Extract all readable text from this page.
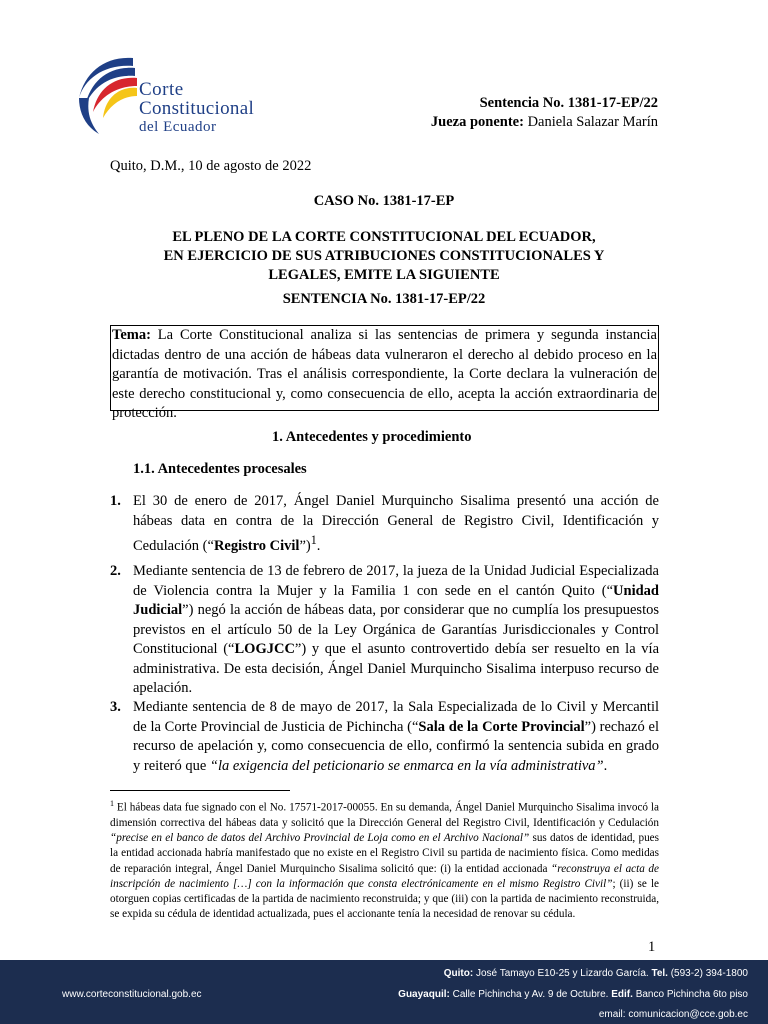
Corte
Constitucional
del Ecuador
Sentencia No. 1381-17-EP/22
Jueza ponente: Daniela Salazar Marín
Quito, D.M., 10 de agosto de 2022
CASO No. 1381-17-EP
EL PLENO DE LA CORTE CONSTITUCIONAL DEL ECUADOR,
EN EJERCICIO DE SUS ATRIBUCIONES CONSTITUCIONALES Y
LEGALES, EMITE LA SIGUIENTE
SENTENCIA No. 1381-17-EP/22
Tema: La Corte Constitucional analiza si las sentencias de primera y segunda instancia dictadas dentro de una acción de hábeas data vulneraron el derecho al debido proceso en la garantía de motivación. Tras el análisis correspondiente, la Corte declara la vulneración de este derecho constitucional y, como consecuencia de ello, acepta la acción extraordinaria de protección.
1. Antecedentes y procedimiento
1.1. Antecedentes procesales
1. El 30 de enero de 2017, Ángel Daniel Murquincho Sisalima presentó una acción de hábeas data en contra de la Dirección General de Registro Civil, Identificación y Cedulación (“Registro Civil”)$^1$.
2. Mediante sentencia de 13 de febrero de 2017, la jueza de la Unidad Judicial Especializada de Violencia contra la Mujer y la Familia 1 con sede en el cantón Quito (“Unidad Judicial”) negó la acción de hábeas data, por considerar que no cumplía los presupuestos previstos en el artículo 50 de la Ley Orgánica de Garantías Jurisdiccionales y Control Constitucional (“LOGJCC”) y que el asunto controvertido debía ser resuelto en la vía administrativa. De esta decisión, Ángel Daniel Murquincho Sisalima interpuso recurso de apelación.
3. Mediante sentencia de 8 de mayo de 2017, la Sala Especializada de lo Civil y Mercantil de la Corte Provincial de Justicia de Pichincha (“Sala de la Corte Provincial”) rechazó el recurso de apelación y, como consecuencia de ello, confirmó la sentencia subida en grado y reiteró que “la exigencia del peticionario se enmarca en la vía administrativa”.
$^1$ El hábeas data fue signado con el No. 17571-2017-00055. En su demanda, Ángel Daniel Murquincho Sisalima invocó la dimensión correctiva del hábeas data y solicitó que la Dirección General del Registro Civil, Identificación y Cedulación “precise en el banco de datos del Archivo Provincial de Loja como en el Archivo Nacional” sus datos de identidad, pues la entidad accionada habría manifestado que no existe en el Registro Civil su partida de nacimiento física. Como medidas de reparación integral, Ángel Daniel Murquincho Sisalima solicitó que: (i) la entidad accionada “reconstruya el acta de inscripción de nacimiento […] con la información que consta electrónicamente en el mismo Registro Civil”; (ii) se le otorguen copias certificadas de la partida de nacimiento reconstruida; y que (iii) con la partida de nacimiento reconstruida, se expida su cédula de identidad actualizada, pues el accionante tenía la necesidad de renovar su cédula.
1
www.corteconstitucional.gob.ec
Quito: José Tamayo E10-25 y Lizardo García. Tel. (593-2) 394-1800
Guayaquil: Calle Pichincha y Av. 9 de Octubre. Edif. Banco Pichincha 6to piso
email: comunicacion@cce.gob.ec
